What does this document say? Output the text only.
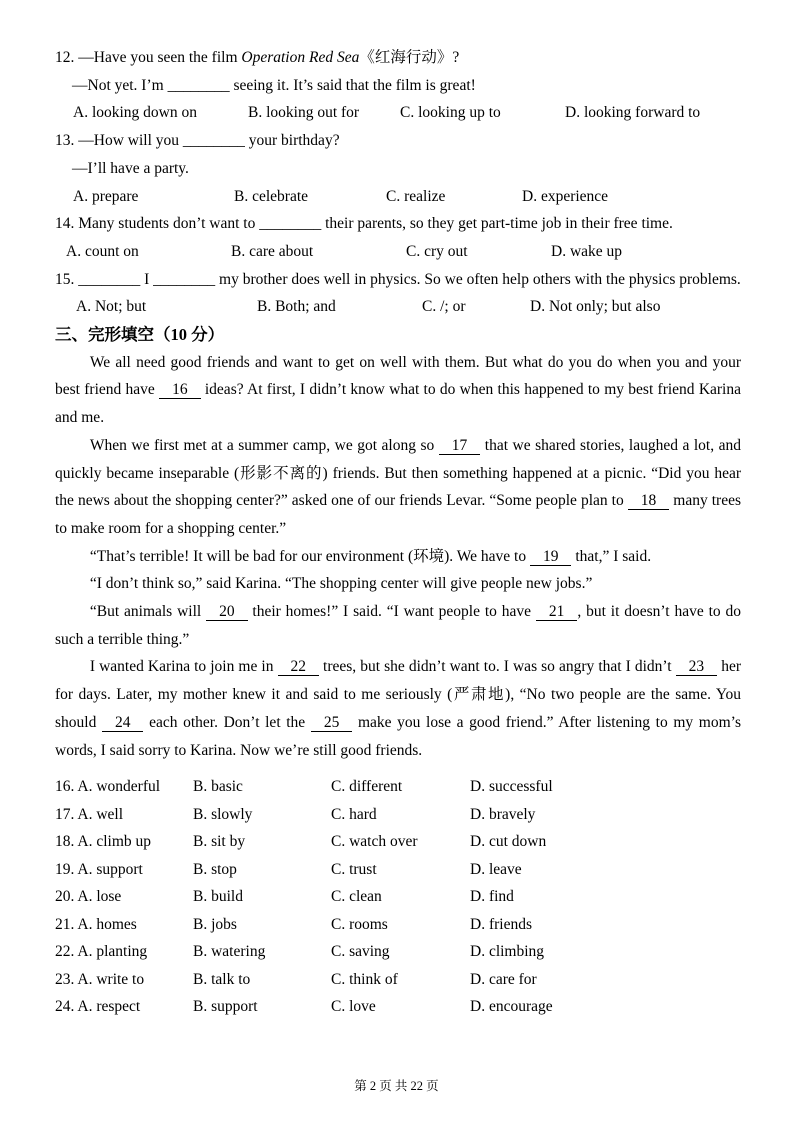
12. —Have you seen the film Operation Red Sea《红海行动》?
—Not yet. I’m ________ seeing it. It’s said that the film is great!
A. looking down on	B. looking out for	C. looking up to	D. looking forward to
13. —How will you ________ your birthday?
—I’ll have a party.
A. prepare	B. celebrate	C. realize	D. experience
14. Many students don’t want to ________ their parents, so they get part-time job in their free time.
A. count on	B. care about	C. cry out	D. wake up
15. ________ I ________ my brother does well in physics. So we often help others with the physics problems.
A. Not; but	B. Both; and	C. /; or	D. Not only; but also
三、完形填空（10 分）
We all need good friends and want to get on well with them. But what do you do when you and your best friend have 16 ideas? At first, I didn’t know what to do when this happened to my best friend Karina and me.
When we first met at a summer camp, we got along so 17 that we shared stories, laughed a lot, and quickly became inseparable (形影不离的) friends. But then something happened at a picnic. “Did you hear the news about the shopping center?” asked one of our friends Levar. “Some people plan to 18 many trees to make room for a shopping center.”
“That’s terrible! It will be bad for our environment (环境). We have to 19 that,” I said.
“I don’t think so,” said Karina. “The shopping center will give people new jobs.”
“But animals will 20 their homes!” I said. “I want people to have 21 , but it doesn’t have to do such a terrible thing.”
I wanted Karina to join me in 22 trees, but she didn’t want to. I was so angry that I didn’t 23 her for days. Later, my mother knew it and said to me seriously (严肃地), “No two people are the same. You should 24 each other. Don’t let the 25 make you lose a good friend.” After listening to my mom’s words, I said sorry to Karina. Now we’re still good friends.
16. A. wonderful	B. basic	C. different	D. successful
17. A. well	B. slowly	C. hard	D. bravely
18. A. climb up	B. sit by	C. watch over	D. cut down
19. A. support	B. stop	C. trust	D. leave
20. A. lose	B. build	C. clean	D. find
21. A. homes	B. jobs	C. rooms	D. friends
22. A. planting	B. watering	C. saving	D. climbing
23. A. write to	B. talk to	C. think of	D. care for
24. A. respect	B. support	C. love	D. encourage
第 2 页 共 22 页
